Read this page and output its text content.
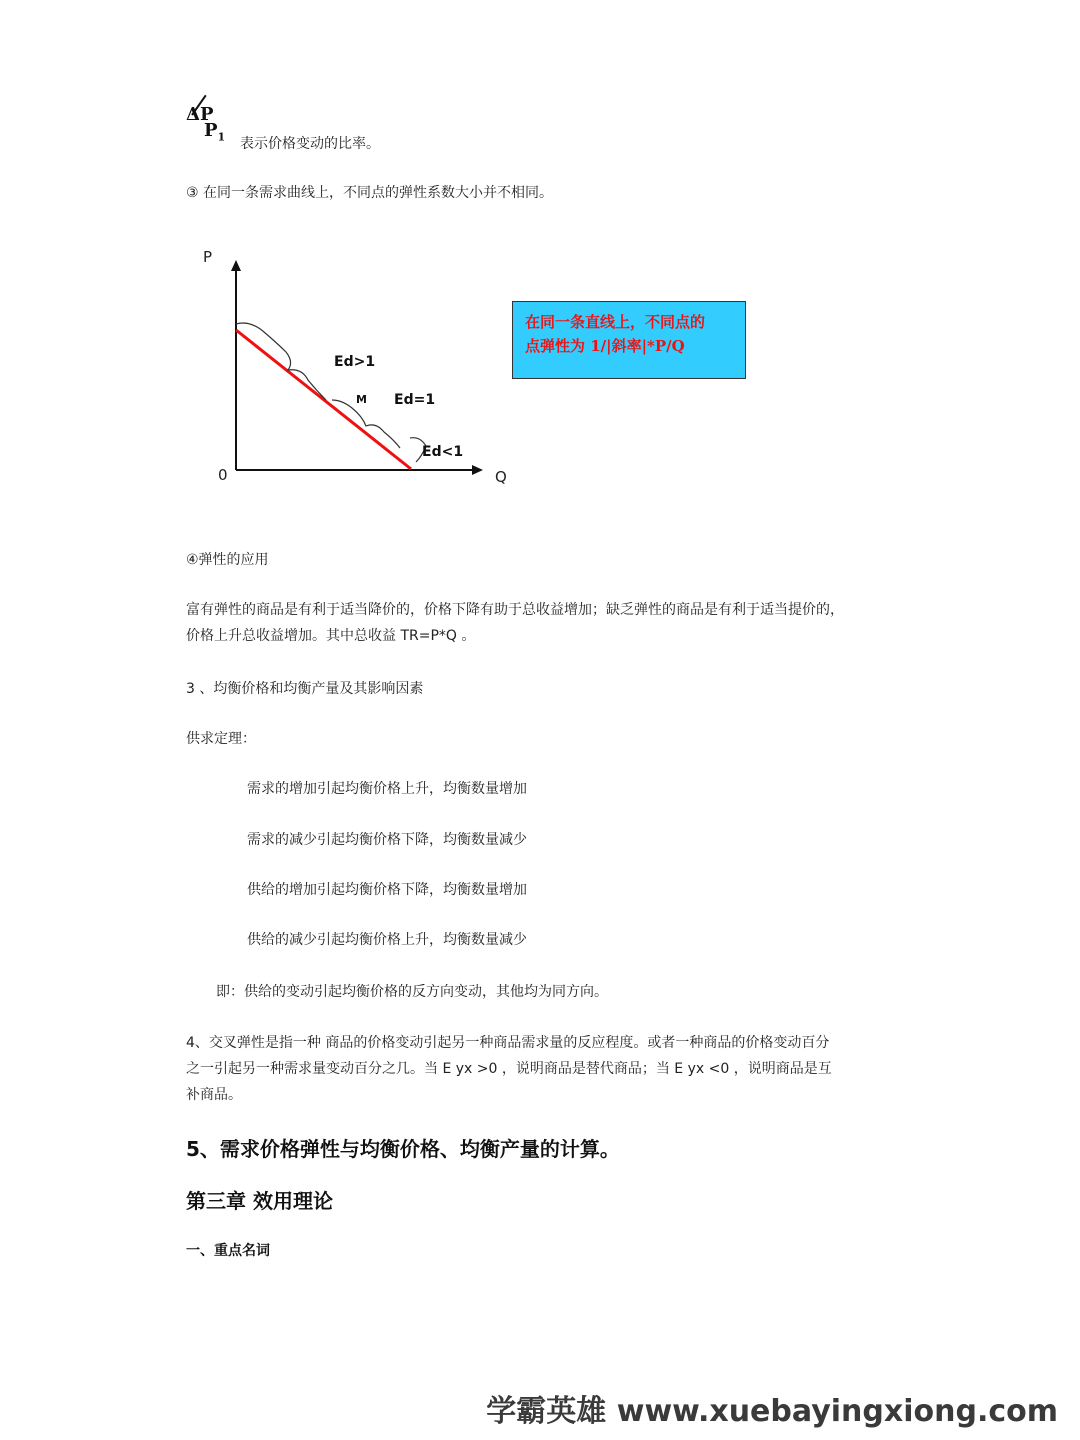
ΔP
$P_1$ 表示价格变动的比率。
③ 在同一条需求曲线上，不同点的弹性系数大小并不相同。
P
0	Q
Ed>1
M Ed=1
Ed<1
在同一条直线上，不同点的
点弹性为 1/|斜率|*P/Q
④弹性的应用
富有弹性的商品是有利于适当降价的，价格下降有助于总收益增加；缺乏弹性的商品是有利于适当提价的，
价格上升总收益增加。其中总收益 TR=P*Q 。
3 、均衡价格和均衡产量及其影响因素
供求定理：
需求的增加引起均衡价格上升，均衡数量增加
需求的减少引起均衡价格下降，均衡数量减少
供给的增加引起均衡价格下降，均衡数量增加
供给的减少引起均衡价格上升，均衡数量减少
即：供给的变动引起均衡价格的反方向变动，其他均为同方向。
4、交叉弹性是指一种 商品的价格变动引起另一种商品需求量的反应程度。或者一种商品的价格变动百分
之一引起另一种需求量变动百分之几。当 E yx >0 ，说明商品是替代商品；当 E yx <0 ，说明商品是互
补商品。
5、需求价格弹性与均衡价格、均衡产量的计算。
第三章 效用理论
一、重点名词
学霸英雄 www.xuebayingxiong.com
